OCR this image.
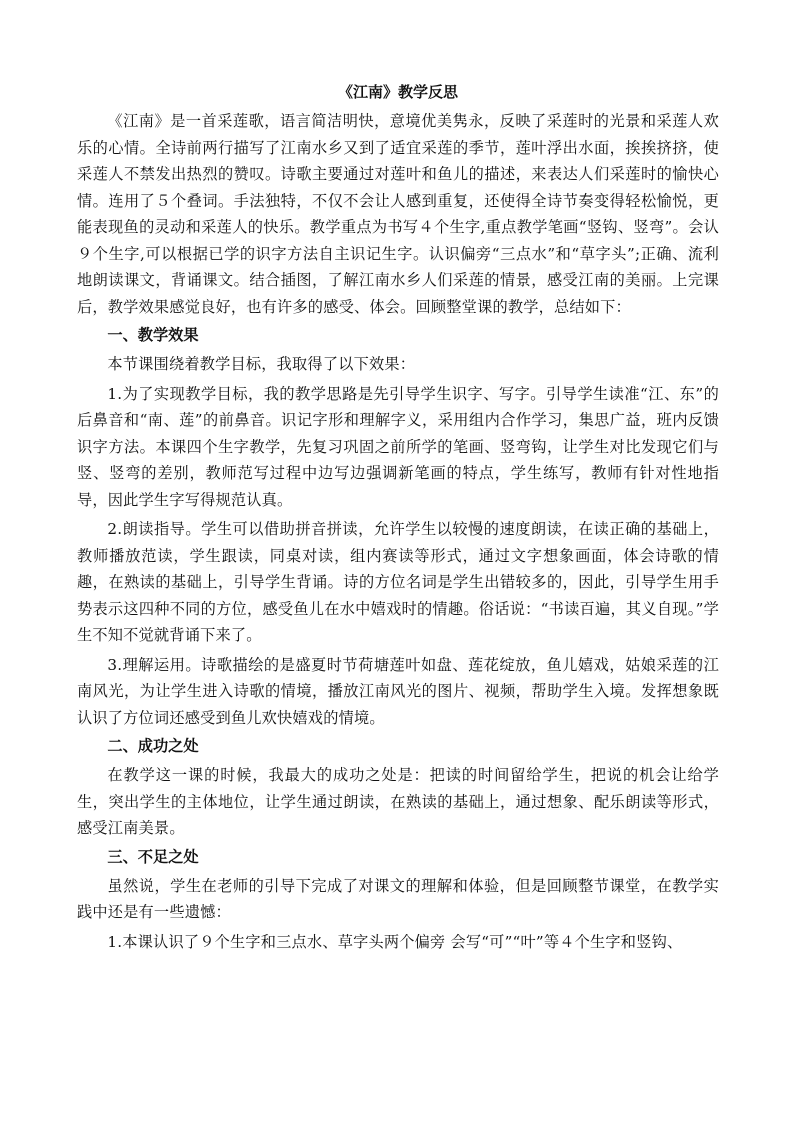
《江南》教学反思

《江南》是一首采莲歌，语言简洁明快，意境优美隽永，反映了采莲时的光景和采莲人欢乐的心情。全诗前两行描写了江南水乡又到了适宜采莲的季节，莲叶浮出水面，挨挨挤挤，使采莲人不禁发出热烈的赞叹。诗歌主要通过对莲叶和鱼儿的描述，来表达人们采莲时的愉快心情。连用了５个叠词。手法独特，不仅不会让人感到重复，还使得全诗节奏变得轻松愉悦，更能表现鱼的灵动和采莲人的快乐。教学重点为书写４个生字,重点教学笔画“竖钩、竖弯”。会认９个生字,可以根据已学的识字方法自主识记生字。认识偏旁“三点水”和“草字头”;正确、流利地朗读课文，背诵课文。结合插图，了解江南水乡人们采莲的情景，感受江南的美丽。上完课后，教学效果感觉良好，也有许多的感受、体会。回顾整堂课的教学，总结如下：

一、教学效果

本节课围绕着教学目标，我取得了以下效果：

1.为了实现教学目标，我的教学思路是先引导学生识字、写字。引导学生读准“江、东”的后鼻音和“南、莲”的前鼻音。识记字形和理解字义，采用组内合作学习，集思广益，班内反馈识字方法。本课四个生字教学，先复习巩固之前所学的笔画、竖弯钩，让学生对比发现它们与竖、竖弯的差别，教师范写过程中边写边强调新笔画的特点，学生练写，教师有针对性地指导，因此学生字写得规范认真。

2.朗读指导。学生可以借助拼音拼读，允许学生以较慢的速度朗读，在读正确的基础上，教师播放范读，学生跟读，同桌对读，组内赛读等形式，通过文字想象画面，体会诗歌的情趣，在熟读的基础上，引导学生背诵。诗的方位名词是学生出错较多的，因此，引导学生用手势表示这四种不同的方位，感受鱼儿在水中嬉戏时的情趣。俗话说：“书读百遍，其义自现。”学生不知不觉就背诵下来了。

3.理解运用。诗歌描绘的是盛夏时节荷塘莲叶如盘、莲花绽放，鱼儿嬉戏，姑娘采莲的江南风光，为让学生进入诗歌的情境，播放江南风光的图片、视频，帮助学生入境。发挥想象既认识了方位词还感受到鱼儿欢快嬉戏的情境。

二、成功之处

在教学这一课的时候，我最大的成功之处是：把读的时间留给学生，把说的机会让给学生，突出学生的主体地位，让学生通过朗读，在熟读的基础上，通过想象、配乐朗读等形式，感受江南美景。

三、不足之处

虽然说，学生在老师的引导下完成了对课文的理解和体验，但是回顾整节课堂，在教学实践中还是有一些遗憾：

1.本课认识了９个生字和三点水、草字头两个偏旁 会写“可”“叶”等４个生字和竖钩、
